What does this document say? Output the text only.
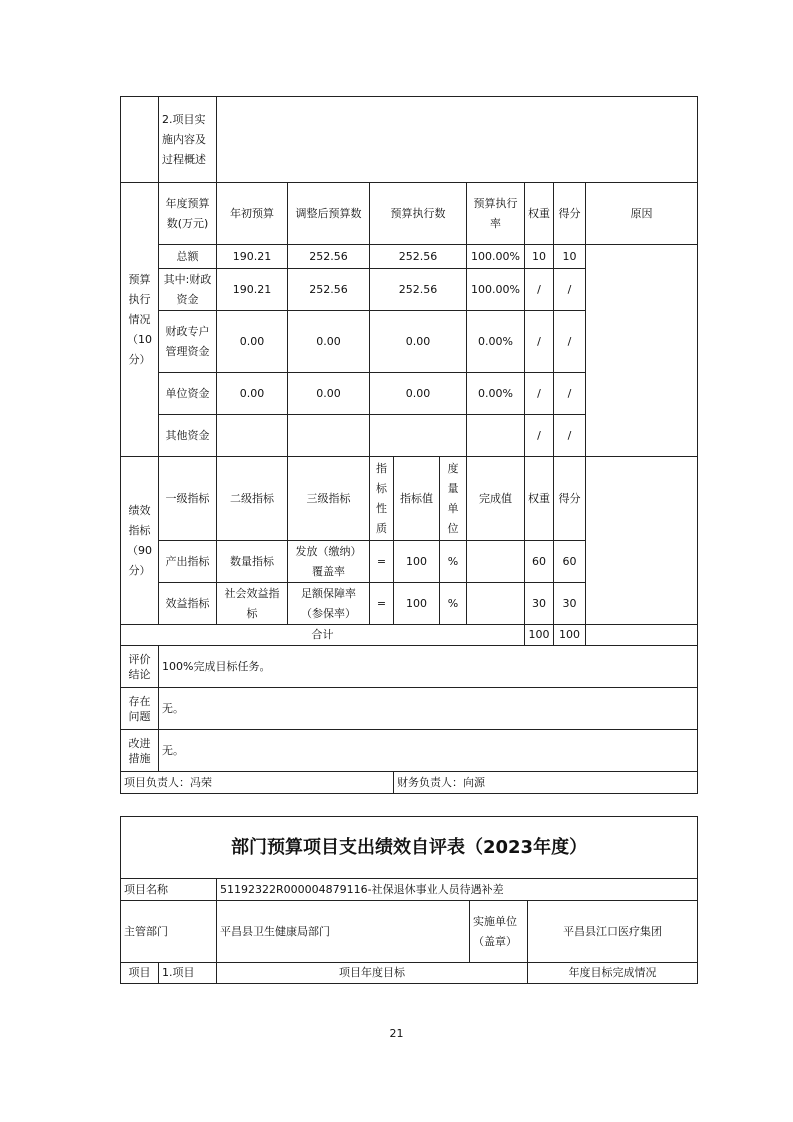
	2.项目实施内容及过程概述									
预算执行情况（10分）	年度预算数(万元)	年初预算	调整后预算数	预算执行数			预算执行率	权重	得分	原因
	总额	190.21	252.56	252.56			100.00%	10	10	
	其中:财政资金	190.21	252.56	252.56			100.00%	/	/	
	财政专户管理资金	0.00	0.00	0.00			0.00%	/	/	
	单位资金	0.00	0.00	0.00			0.00%	/	/	
	其他资金							/	/	
绩效指标（90分）	一级指标	二级指标	三级指标	指标性质	指标值	度量单位	完成值	权重	得分	
	产出指标	数量指标	发放（缴纳）覆盖率	=	100	%		60	60	
	效益指标	社会效益指标	足额保障率（参保率）	=	100	%		30	30	
合计								100	100	
评价结论	100%完成目标任务。									
存在问题	无。									
改进措施	无。									
项目负责人：冯荣					财务负责人：向源					
部门预算项目支出绩效自评表（2023年度）				
项目名称		51192322R000004879116-社保退休事业人员待遇补差		
主管部门		平昌县卫生健康局部门	实施单位（盖章）	平昌县江口医疗集团
项目	1.项目	项目年度目标		年度目标完成情况
21
